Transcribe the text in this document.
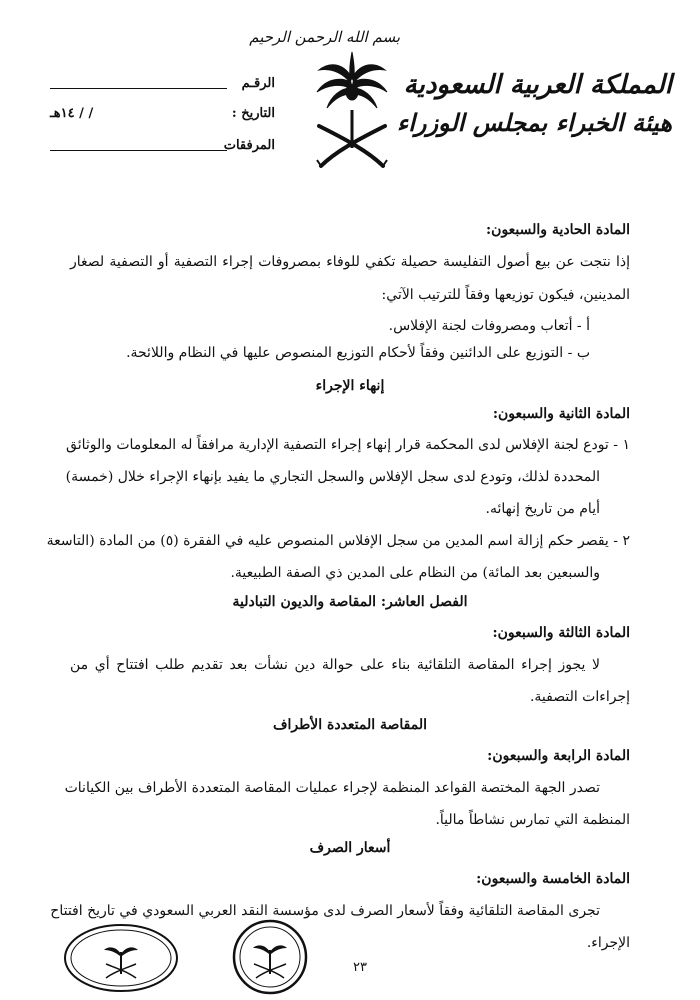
بسم الله الرحمن الرحيم
المملكة العربية السعودية
هيئة الخبراء بمجلس الوزراء
الرقـم
التاريخ :
/ / ١٤هـ
المرفقات
المادة الحادية والسبعون:
إذا نتجت عن بيع أصول التفليسة حصيلة تكفي للوفاء بمصروفات إجراء التصفية أو التصفية لصغار
المدينين، فيكون توزيعها وفقاً للترتيب الآتي:
أ - أتعاب ومصروفات لجنة الإفلاس.
ب - التوزيع على الدائنين وفقاً لأحكام التوزيع المنصوص عليها في النظام واللائحة.
إنهاء الإجراء
المادة الثانية والسبعون:
١ - تودع لجنة الإفلاس لدى المحكمة قرار إنهاء إجراء التصفية الإدارية مرافقاً له المعلومات والوثائق
المحددة لذلك، وتودع لدى سجل الإفلاس والسجل التجاري ما يفيد بإنهاء الإجراء خلال (خمسة)
أيام من تاريخ إنهائه.
٢ - يقصر حكم إزالة اسم المدين من سجل الإفلاس المنصوص عليه في الفقرة (٥) من المادة (التاسعة
والسبعين بعد المائة) من النظام على المدين ذي الصفة الطبيعية.
الفصل العاشر: المقاصة والديون التبادلية
المادة الثالثة والسبعون:
لا يجوز إجراء المقاصة التلقائية بناء على حوالة دين نشأت بعد تقديم طلب افتتاح أي من
إجراءات التصفية.
المقاصة المتعددة الأطراف
المادة الرابعة والسبعون:
تصدر الجهة المختصة القواعد المنظمة لإجراء عمليات المقاصة المتعددة الأطراف بين الكيانات
المنظمة التي تمارس نشاطاً مالياً.
أسعار الصرف
المادة الخامسة والسبعون:
تجرى المقاصة التلقائية وفقاً لأسعار الصرف لدى مؤسسة النقد العربي السعودي في تاريخ افتتاح
الإجراء.
٢٣
